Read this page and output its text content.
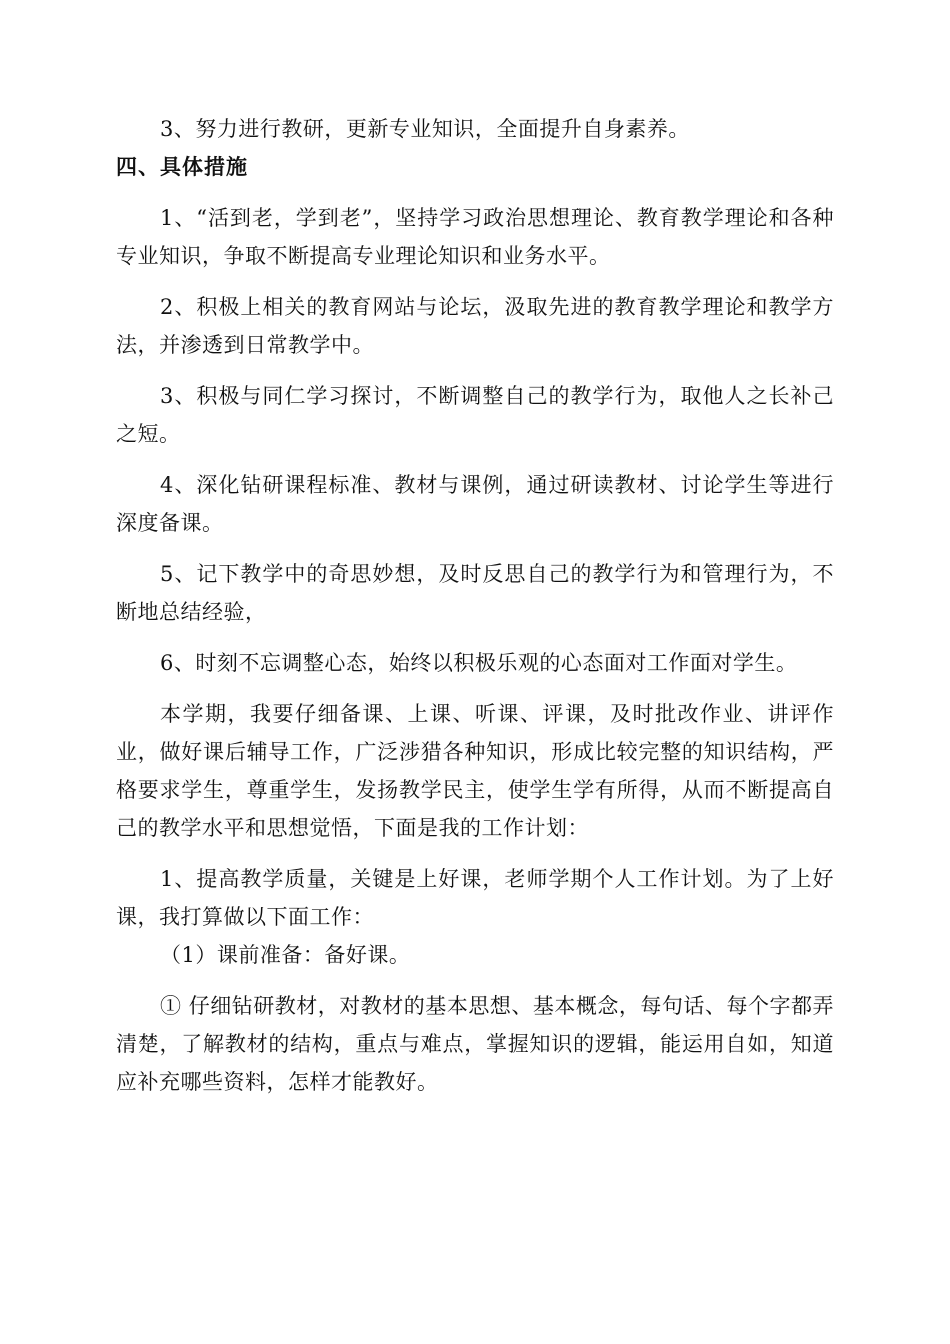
3、努力进行教研，更新专业知识，全面提升自身素养。

四、具体措施

1、“活到老，学到老”，坚持学习政治思想理论、教育教学理论和各种专业知识，争取不断提高专业理论知识和业务水平。

2、积极上相关的教育网站与论坛，汲取先进的教育教学理论和教学方法，并渗透到日常教学中。

3、积极与同仁学习探讨，不断调整自己的教学行为，取他人之长补己之短。

4、深化钻研课程标准、教材与课例，通过研读教材、讨论学生等进行深度备课。

5、记下教学中的奇思妙想，及时反思自己的教学行为和管理行为，不断地总结经验，

6、时刻不忘调整心态，始终以积极乐观的心态面对工作面对学生。

本学期，我要仔细备课、上课、听课、评课，及时批改作业、讲评作业，做好课后辅导工作，广泛涉猎各种知识，形成比较完整的知识结构，严格要求学生，尊重学生，发扬教学民主，使学生学有所得，从而不断提高自己的教学水平和思想觉悟，下面是我的工作计划：

1、提高教学质量，关键是上好课，老师学期个人工作计划。为了上好课，我打算做以下面工作：

（1）课前准备：备好课。

① 仔细钻研教材，对教材的基本思想、基本概念，每句话、每个字都弄清楚，了解教材的结构，重点与难点，掌握知识的逻辑，能运用自如，知道应补充哪些资料，怎样才能教好。
